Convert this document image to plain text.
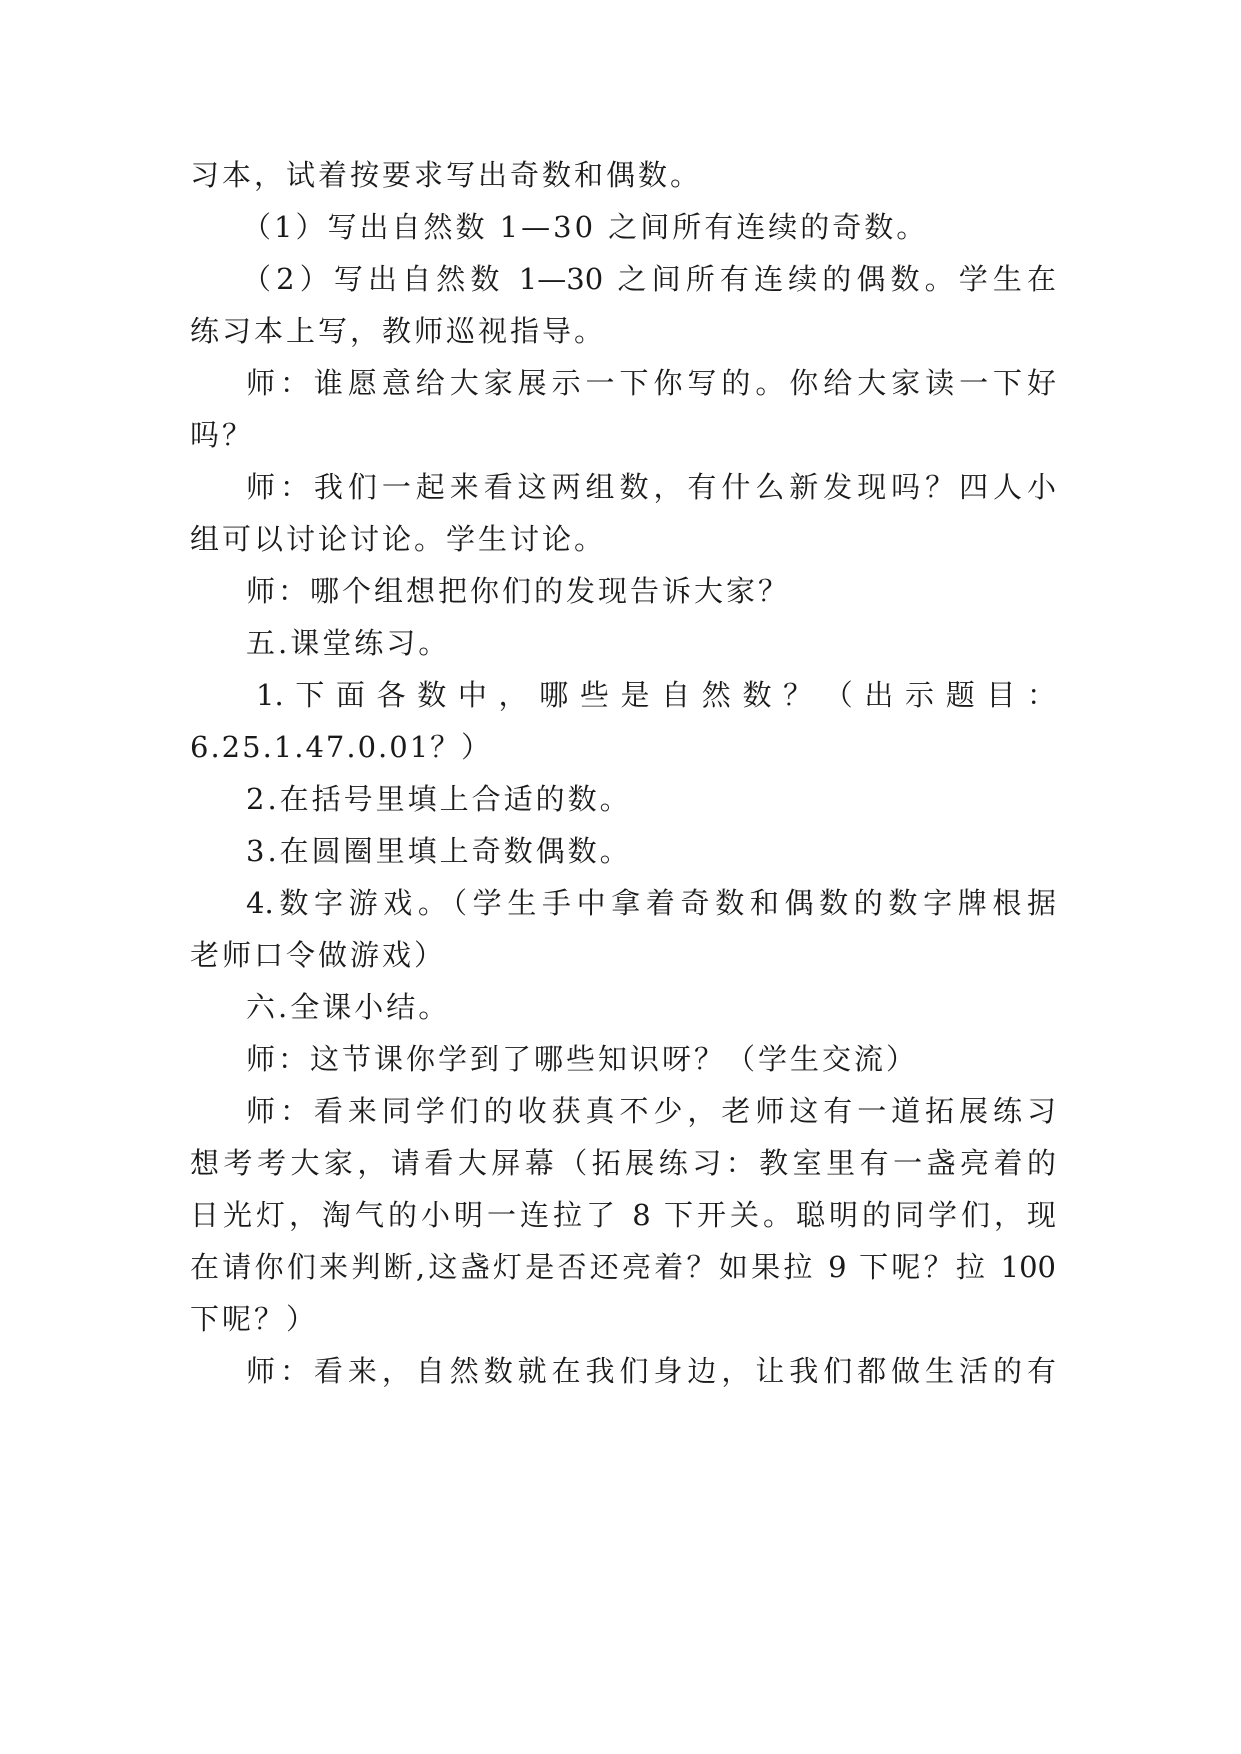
习本，试着按要求写出奇数和偶数。
（1）写出自然数 1—30 之间所有连续的奇数。
（2）写出自然数 1—30 之间所有连续的偶数。学生在
练习本上写，教师巡视指导。
师：谁愿意给大家展示一下你写的。你给大家读一下好
吗？
师：我们一起来看这两组数，有什么新发现吗？四人小
组可以讨论讨论。学生讨论。
师：哪个组想把你们的发现告诉大家？
五.课堂练习。
1.下面各数中，哪些是自然数？（出示题目：
6.25.1.47.0.01？）
2.在括号里填上合适的数。
3.在圆圈里填上奇数偶数。
4.数字游戏。（学生手中拿着奇数和偶数的数字牌根据
老师口令做游戏）
六.全课小结。
师：这节课你学到了哪些知识呀？（学生交流）
师：看来同学们的收获真不少，老师这有一道拓展练习
想考考大家，请看大屏幕（拓展练习：教室里有一盏亮着的
日光灯，淘气的小明一连拉了 8 下开关。聪明的同学们，现
在请你们来判断,这盏灯是否还亮着？如果拉 9 下呢？拉 100
下呢？）
师：看来，自然数就在我们身边，让我们都做生活的有
